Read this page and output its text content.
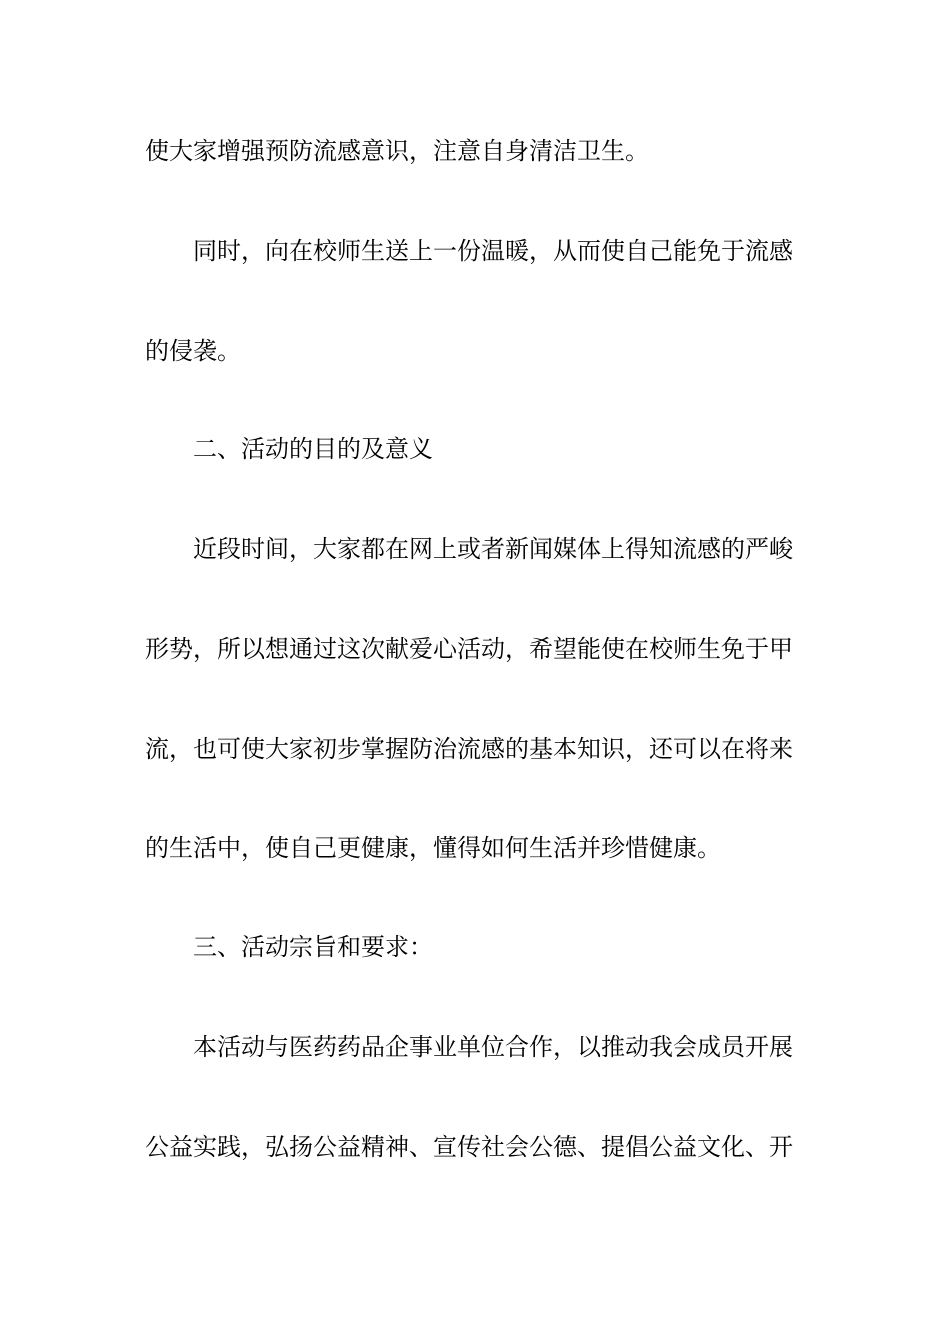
使大家增强预防流感意识，注意自身清洁卫生。
同时，向在校师生送上一份温暖，从而使自己能免于流感
的侵袭。
二、活动的目的及意义
近段时间，大家都在网上或者新闻媒体上得知流感的严峻
形势，所以想通过这次献爱心活动，希望能使在校师生免于甲
流，也可使大家初步掌握防治流感的基本知识，还可以在将来
的生活中，使自己更健康，懂得如何生活并珍惜健康。
三、活动宗旨和要求：
本活动与医药药品企事业单位合作，以推动我会成员开展
公益实践，弘扬公益精神、宣传社会公德、提倡公益文化、开
